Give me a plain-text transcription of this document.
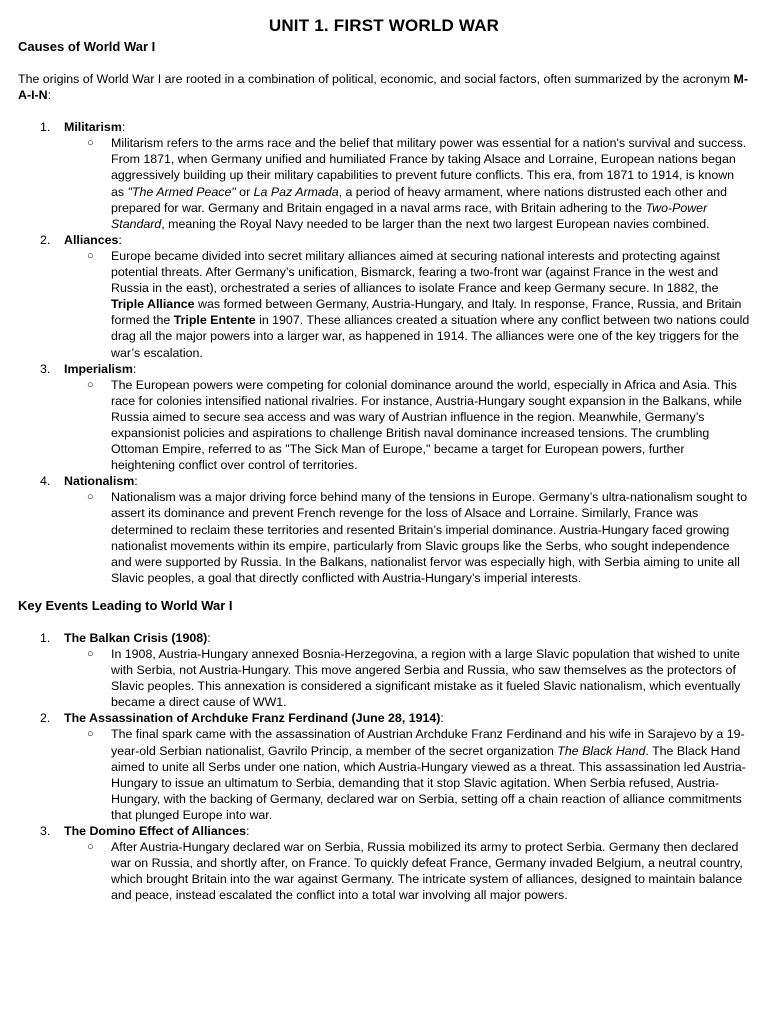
UNIT 1. FIRST WORLD WAR
Causes of World War I

The origins of World War I are rooted in a combination of political, economic, and social factors, often summarized by the acronym M-A-I-N:

1. Militarism:
○ Militarism refers to the arms race and the belief that military power was essential for a nation's survival and success. From 1871, when Germany unified and humiliated France by taking Alsace and Lorraine, European nations began aggressively building up their military capabilities to prevent future conflicts. This era, from 1871 to 1914, is known as "The Armed Peace" or La Paz Armada, a period of heavy armament, where nations distrusted each other and prepared for war. Germany and Britain engaged in a naval arms race, with Britain adhering to the Two-Power Standard, meaning the Royal Navy needed to be larger than the next two largest European navies combined.
2. Alliances:
○ Europe became divided into secret military alliances aimed at securing national interests and protecting against potential threats. After Germany’s unification, Bismarck, fearing a two-front war (against France in the west and Russia in the east), orchestrated a series of alliances to isolate France and keep Germany secure. In 1882, the Triple Alliance was formed between Germany, Austria-Hungary, and Italy. In response, France, Russia, and Britain formed the Triple Entente in 1907. These alliances created a situation where any conflict between two nations could drag all the major powers into a larger war, as happened in 1914. The alliances were one of the key triggers for the war’s escalation.
3. Imperialism:
○ The European powers were competing for colonial dominance around the world, especially in Africa and Asia. This race for colonies intensified national rivalries. For instance, Austria-Hungary sought expansion in the Balkans, while Russia aimed to secure sea access and was wary of Austrian influence in the region. Meanwhile, Germany’s expansionist policies and aspirations to challenge British naval dominance increased tensions. The crumbling Ottoman Empire, referred to as "The Sick Man of Europe," became a target for European powers, further heightening conflict over control of territories.
4. Nationalism:
○ Nationalism was a major driving force behind many of the tensions in Europe. Germany’s ultra-nationalism sought to assert its dominance and prevent French revenge for the loss of Alsace and Lorraine. Similarly, France was determined to reclaim these territories and resented Britain’s imperial dominance. Austria-Hungary faced growing nationalist movements within its empire, particularly from Slavic groups like the Serbs, who sought independence and were supported by Russia. In the Balkans, nationalist fervor was especially high, with Serbia aiming to unite all Slavic peoples, a goal that directly conflicted with Austria-Hungary’s imperial interests.
Key Events Leading to World War I
1. The Balkan Crisis (1908):
○ In 1908, Austria-Hungary annexed Bosnia-Herzegovina, a region with a large Slavic population that wished to unite with Serbia, not Austria-Hungary. This move angered Serbia and Russia, who saw themselves as the protectors of Slavic peoples. This annexation is considered a significant mistake as it fueled Slavic nationalism, which eventually became a direct cause of WW1.
2. The Assassination of Archduke Franz Ferdinand (June 28, 1914):
○ The final spark came with the assassination of Austrian Archduke Franz Ferdinand and his wife in Sarajevo by a 19-year-old Serbian nationalist, Gavrilo Princip, a member of the secret organization The Black Hand. The Black Hand aimed to unite all Serbs under one nation, which Austria-Hungary viewed as a threat. This assassination led Austria-Hungary to issue an ultimatum to Serbia, demanding that it stop Slavic agitation. When Serbia refused, Austria-Hungary, with the backing of Germany, declared war on Serbia, setting off a chain reaction of alliance commitments that plunged Europe into war.
3. The Domino Effect of Alliances:
○ After Austria-Hungary declared war on Serbia, Russia mobilized its army to protect Serbia. Germany then declared war on Russia, and shortly after, on France. To quickly defeat France, Germany invaded Belgium, a neutral country, which brought Britain into the war against Germany. The intricate system of alliances, designed to maintain balance and peace, instead escalated the conflict into a total war involving all major powers.
